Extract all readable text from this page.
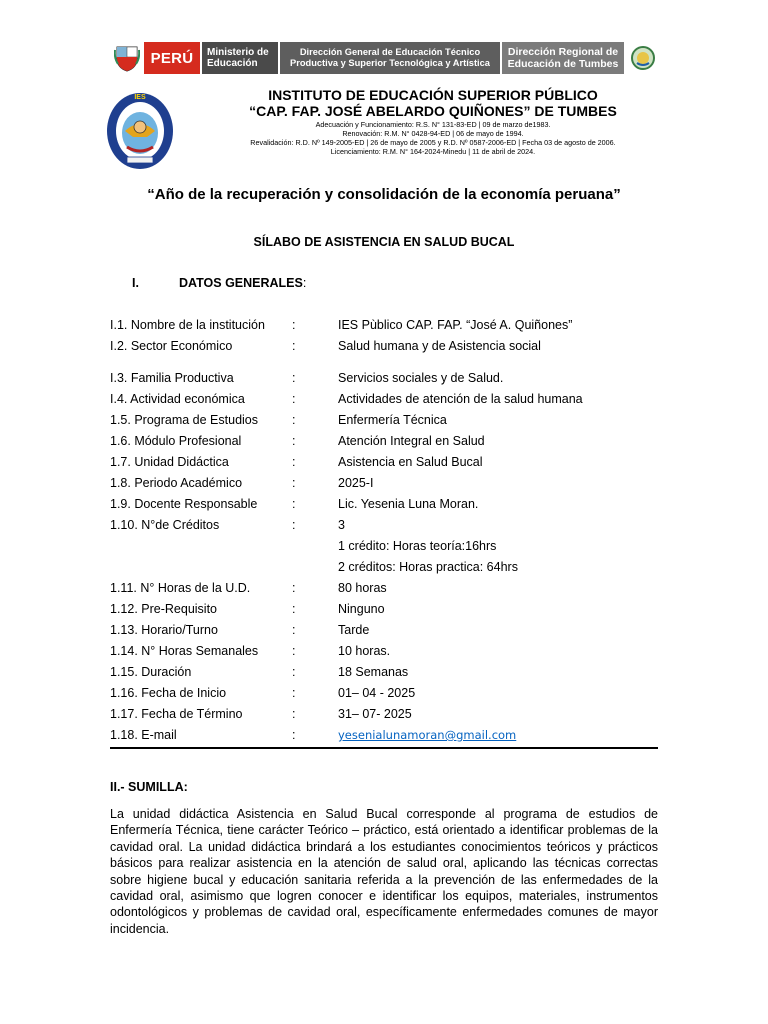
PERÚ	Ministerio de
Educación
Dirección General de Educación Técnico
Productiva y Superior Tecnológica y Artística
Dirección Regional de
Educación de Tumbes
IES	INSTITUTO DE EDUCACIÓN SUPERIOR PÚBLICO
“CAP. FAP. JOSÉ ABELARDO QUIÑONES” DE TUMBES
Adecuación y Funcionamiento: R.S. N° 131-83-ED | 09 de marzo de1983.
Renovación: R.M. N° 0428-94-ED | 06 de mayo de 1994.
Revalidación: R.D. Nº 149-2005-ED | 26 de mayo de 2005 y R.D. Nº 0587-2006-ED | Fecha 03 de agosto de 2006.
Licenciamiento: R.M. N° 164-2024-Minedu | 11 de abril de 2024.
“Año de la recuperación y consolidación de la economía peruana”
SÍLABO DE ASISTENCIA EN SALUD BUCAL
I.	DATOS GENERALES:
I.1. Nombre de la institución :	IES Pùblico CAP. FAP. “José A. Quiñones”
I.2. Sector Económico	:	Salud humana y de Asistencia social
I.3. Familia Productiva	:	Servicios sociales y de Salud.
I.4. Actividad económica	:	Actividades de atención de la salud humana
1.5. Programa de Estudios	:	Enfermería Técnica
1.6. Módulo Profesional	:	Atención Integral en Salud
1.7. Unidad Didáctica	:	Asistencia en Salud Bucal
1.8. Periodo Académico	:	2025-I
1.9. Docente Responsable	:	Lic. Yesenia Luna Moran.
1.10. N°de Créditos	:	3
1 crédito: Horas teoría:16hrs
2 créditos: Horas practica: 64hrs
1.11. N° Horas de la U.D.	:	80 horas
1.12. Pre-Requisito	:	Ninguno
1.13. Horario/Turno	:	Tarde
1.14. N° Horas Semanales	:	10 horas.
1.15. Duración	:	18 Semanas
1.16. Fecha de Inicio	:	01– 04 - 2025
1.17. Fecha de Término	:	31– 07- 2025
1.18. E-mail	:	yesenialunamoran@gmail.com
II.- SUMILLA:
La unidad didáctica Asistencia en Salud Bucal corresponde al programa de estudios de Enfermería Técnica, tiene carácter Teórico – práctico, está orientado a identificar problemas de la cavidad oral. La unidad didáctica brindará a los estudiantes conocimientos teóricos y prácticos básicos para realizar asistencia en la atención de salud oral, aplicando las técnicas correctas sobre higiene bucal y educación sanitaria referida a la prevención de las enfermedades de la cavidad oral, asimismo que logren conocer e identificar los equipos, materiales, instrumentos odontológicos y problemas de cavidad oral, específicamente enfermedades comunes de mayor incidencia.
